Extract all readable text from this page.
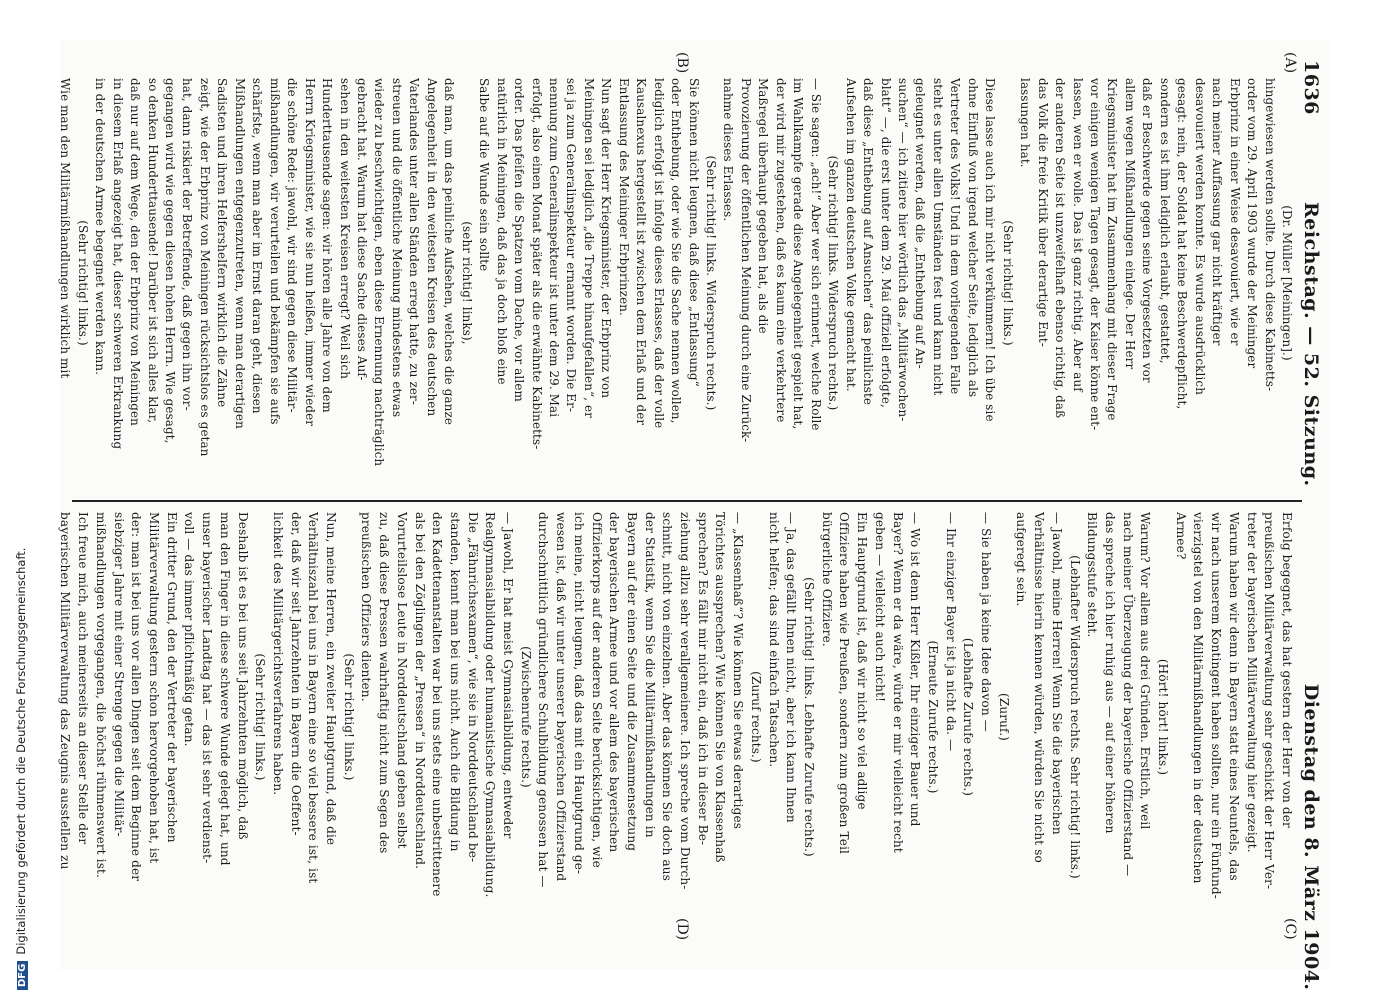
1636 Reichstag. — 52. Sitzung. Dienstag den 8. März 1904.
(A)
(B)
(C)
(D)
(Dr. Müller [Meiningen].)
hingewiesen werden sollte. Durch diese Kabinetts-
order vom 29. April 1903 wurde der Meininger
Erbprinz in einer Weise desavouiert, wie er
nach meiner Auffassung gar nicht kräftiger
desavouiert werden konnte. Es wurde ausdrücklich
gesagt: nein, der Soldat hat keine Beschwerdepflicht,
sondern es ist ihm lediglich erlaubt, gestattet,
daß er Beschwerde gegen seine Vorgesetzten vor
allem wegen Mißhandlungen einlege. Der Herr
Kriegsminister hat im Zusammenhang mit dieser Frage
vor einigen wenigen Tagen gesagt, der Kaiser könne ent-
lassen, wen er wolle. Das ist ganz richtig. Aber auf
der anderen Seite ist unzweifelhaft ebenso richtig, daß
das Volk die freie Kritik über derartige Ent-
lassungen hat.
(Sehr richtig! links.)
Diese lasse auch ich mir nicht verkümmern! Ich übe sie
ohne Einfluß von irgend welcher Seite, lediglich als
Vertreter des Volks! Und in dem vorliegenden Falle
steht es unter allen Umständen fest und kann nicht
geleugnet werden, daß die „Enthebung auf An-
suchen“ — ich zitiere hier wörtlich das „Militärwochen-
blatt“ —, die erst unter dem 29. Mai offiziell erfolgte,
daß diese „Enthebung auf Ansuchen“ das peinlichste
Aufsehen im ganzen deutschen Volke gemacht hat.
(Sehr richtig! links. Widerspruch rechts.)
— Sie sagen: „ach!“ Aber wer sich erinnert, welche Rolle
im Wahlkampfe gerade diese Angelegenheit gespielt hat,
der wird mir zugestehen, daß es kaum eine verkehrtere
Maßregel überhaupt gegeben hat, als die
Provozierung der öffentlichen Meinung durch eine Zurück-
nahme dieses Erlasses.
(Sehr richtig! links. Widerspruch rechts.)
Sie können nicht leugnen, daß diese „Entlassung“
oder Enthebung, oder wie Sie die Sache nennen wollen,
lediglich erfolgt ist infolge dieses Erlasses, daß der volle
Kausalnexus hergestellt ist zwischen dem Erlaß und der
Entlassung des Meininger Erbprinzen.
Nun sagt der Herr Kriegsminister, der Erbprinz von
Meiningen sei lediglich „die Treppe hinaufgefallen“, er
sei ja zum Generalinspekteur ernannt worden. Die Er-
nennung zum Generalinspekteur ist unter dem 29. Mai
erfolgt, also einen Monat später als die erwähnte Kabinetts-
order. Das pfeifen die Spatzen vom Dache, vor allem
natürlich in Meiningen, daß das ja doch bloß eine
Salbe auf die Wunde sein sollte
(sehr richtig! links),
daß man, um das peinliche Aufsehen, welches die ganze
Angelegenheit in den weitesten Kreisen des deutschen
Vaterlandes unter allen Ständen erregt hatte, zu zer-
streuen und die öffentliche Meinung mindestens etwas
wieder zu beschwichtigen, eben diese Ernennung nachträglich
gebracht hat. Warum hat diese Sache dieses Auf-
sehen in den weitesten Kreisen erregt? Weil sich
Hunderttausende sagen: wir hören alle Jahre von dem
Herrn Kriegsminister, wie sie nun heißen, immer wieder
die schöne Rede: jawohl, wir sind gegen diese Militär-
mißhandlungen, wir verurteilen und bekämpfen sie aufs
schärfste, wenn man aber im Ernst daran geht, diesen
Mißhandlungen entgegenzutreten, wenn man derartigen
Sadisten und ihren Helfershelfern wirklich die Zähne
zeigt, wie der Erbprinz von Meiningen rücksichtslos es getan
hat, dann riskiert der Betreffende, daß gegen ihn vor-
gegangen wird wie gegen diesen hohen Herrn. Wie gesagt,
so denken Hunderttausende! Darüber ist sich alles klar,
daß nur auf dem Wege, den der Erbprinz von Meiningen
in diesem Erlaß angezeigt hat, dieser schweren Erkrankung
in der deutschen Armee begegnet werden kann.
(Sehr richtig! links.)
Wie man den Militärmißhandlungen wirklich mit
Erfolg begegnet, das hat gestern der Herr von der
preußischen Militärverwaltung sehr geschickt der Herr Ver-
treter der bayerischen Militärverwaltung hier gezeigt.
Warum haben wir denn in Bayern statt eines Neuntels, das
wir nach unserem Kontingent haben sollten, nur ein Fünfund-
vierzigstel von den Militärmißhandlungen in der deutschen
Armee?
(Hört! hört! links.)
Warum? Vor allem aus drei Gründen. Erstlich, weil
nach meiner Überzeugung der bayerische Offizierstand —
das spreche ich hier ruhig aus — auf einer höheren
Bildungsstufe steht.
(Lebhafter Widerspruch rechts. Sehr richtig! links.)
— Jawohl, meine Herren! Wenn Sie die bayerischen
Verhältnisse hierin kennen würden, würden Sie nicht so
aufgeregt sein.
(Zuruf.)
— Sie haben ja keine Idee davon —
(Lebhafte Zurufe rechts.)
— Ihr einziger Bayer ist ja nicht da. —
(Erneute Zurufe rechts.)
— Wo ist denn Herr Kißler, Ihr einziger Bauer und
Bayer? Wenn er da wäre, würde er mir vielleicht recht
geben — vielleicht auch nicht!
Ein Hauptgrund ist, daß wir nicht so viel adlige
Offiziere haben wie Preußen, sondern zum großen Teil
bürgerliche Offiziere.
(Sehr richtig! links. Lebhafte Zurufe rechts.)
— Ja, das gefällt Ihnen nicht, aber ich kann Ihnen
nicht helfen; das sind einfach Tatsachen.
(Zuruf rechts.)
— „Klassenhaß“? Wie können Sie etwas derartiges
Törichtes aussprechen? Wie können Sie von Klassenhaß
sprechen? Es fällt mir nicht ein, daß ich in dieser Be-
ziehung allzu sehr verallgemeinere. Ich spreche vom Durch-
schnitt, nicht von einzelnen. Aber das können Sie doch aus
der Statistik, wenn Sie die Militärmißhandlungen in
Bayern auf der einen Seite und die Zusammensetzung
der bayerischen Armee und vor allem des bayerischen
Offizierkorps auf der anderen Seite berücksichtigen, wie
ich meine, nicht leugnen, daß das mit ein Hauptgrund ge-
wesen ist, daß wir unter unserer bayerischen Offizierstand
durchschnittlich gründlichere Schulbildung genossen hat —
(Zwischenrufe rechts.)
— Jawohl, Er hat meist Gymnasialbildung, entweder
Realgymnasialbildung oder humanistische Gymnasialbildung.
Die „Fähnrichsexamen“, wie sie in Norddeutschland be-
standen, kennt man bei uns nicht. Auch die Bildung in
den Kadettenanstalten war bei uns stets eine unbestrittenere
als bei den Zöglingen der „Pressen“ in Norddeutschland.
Vorurteilslose Leute in Norddeutschland geben selbst
zu, daß diese Pressen wahrhaftig nicht zum Segen des
preußischen Offiziers dienten.
(Sehr richtig! links.)
Nun, meine Herren, ein zweiter Hauptgrund, daß die
Verhältniszahl bei uns in Bayern eine so viel bessere ist, ist
der, daß wir seit Jahrzehnten in Bayern die Oeffent-
lichkeit des Militärgerichtsverfahrens haben.
(Sehr richtig! links.)
Deshalb ist es bei uns seit Jahrzehnten möglich, daß
man den Finger in diese schwere Wunde gelegt hat, und
unser bayerischer Landtag hat — das ist sehr verdienst-
voll — das immer pflichtmäßig getan.
Ein dritter Grund, den der Vertreter der bayerischen
Militärverwaltung gestern schon hervorgehoben hat, ist
der: man ist bei uns vor allen Dingen seit dem Beginne der
siebziger Jahre mit einer Strenge gegen die Militär-
mißhandlungen vorgegangen, die höchst rühmenswert ist.
Ich freue mich, auch meinerseits an dieser Stelle der
bayerischen Militärverwaltung das Zeugnis ausstellen zu
DFGDigitalisierung gefördert durch die Deutsche Forschungsgemeinschaft.
